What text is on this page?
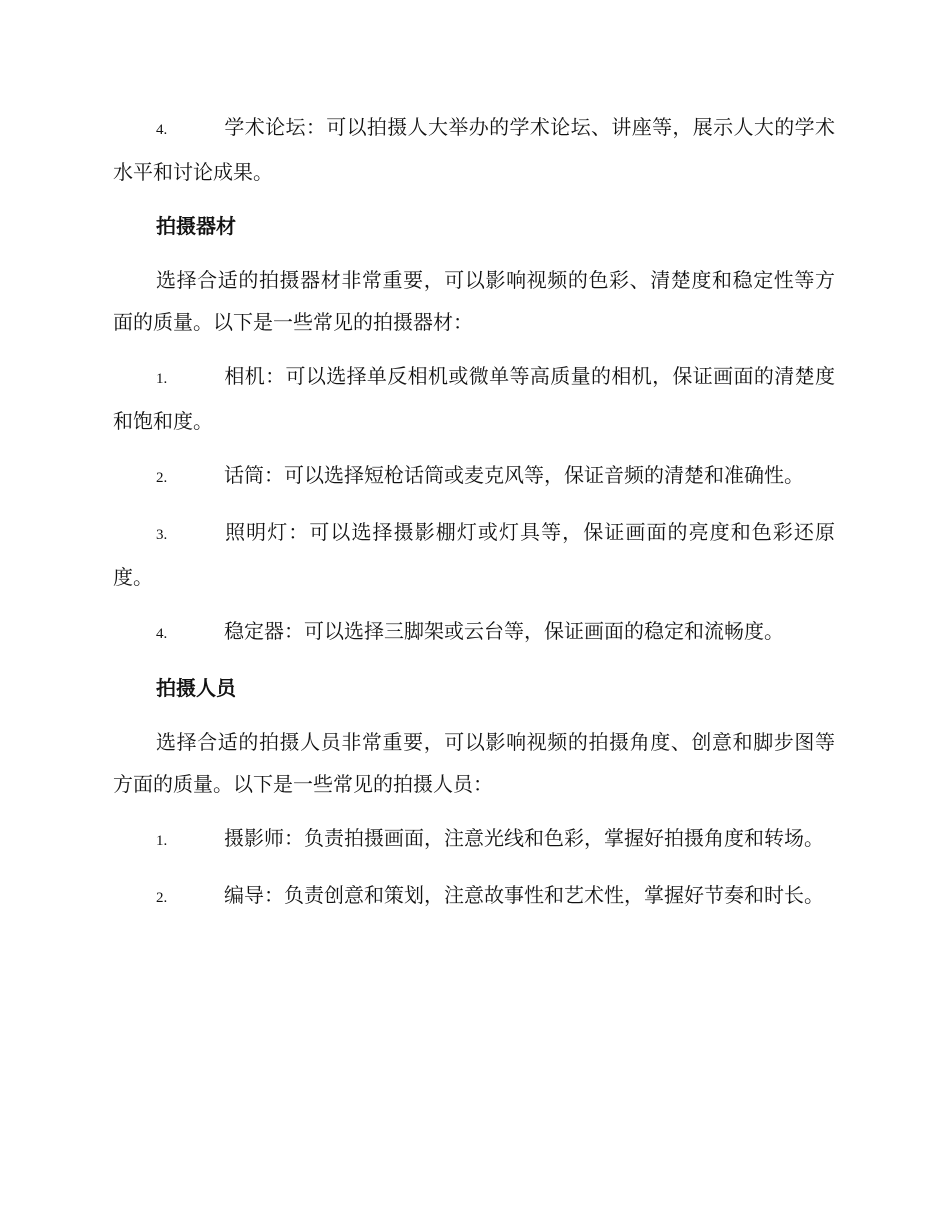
4.	学术论坛：可以拍摄人大举办的学术论坛、讲座等，展示人大的学术水平和讨论成果。

拍摄器材

选择合适的拍摄器材非常重要，可以影响视频的色彩、清楚度和稳定性等方面的质量。以下是一些常见的拍摄器材：

1.	相机：可以选择单反相机或微单等高质量的相机，保证画面的清楚度和饱和度。

2.	话筒：可以选择短枪话筒或麦克风等，保证音频的清楚和准确性。

3.	照明灯：可以选择摄影棚灯或灯具等，保证画面的亮度和色彩还原度。

4.	稳定器：可以选择三脚架或云台等，保证画面的稳定和流畅度。

拍摄人员

选择合适的拍摄人员非常重要，可以影响视频的拍摄角度、创意和脚步图等方面的质量。以下是一些常见的拍摄人员：

1.	摄影师：负责拍摄画面，注意光线和色彩，掌握好拍摄角度和转场。

2.	编导：负责创意和策划，注意故事性和艺术性，掌握好节奏和时长。
